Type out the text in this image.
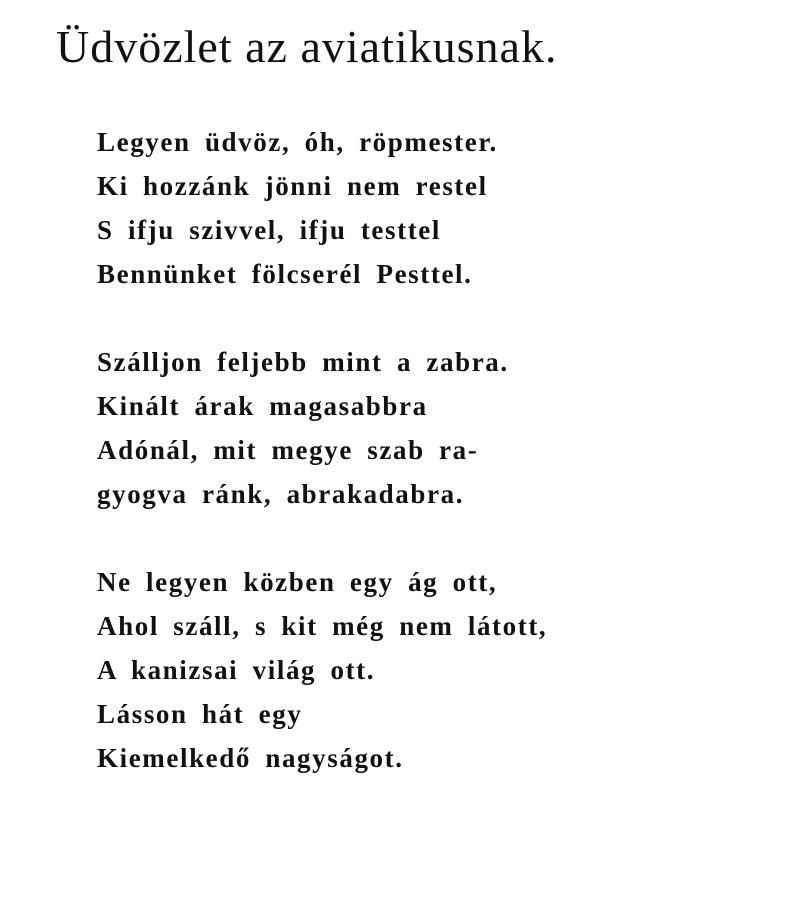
Üdvözlet az aviatikusnak.
Legyen üdvöz, óh, röpmester.
Ki hozzánk jönni nem restel
S ifju szivvel, ifju testtel
Bennünket fölcserél Pesttel.
Szálljon feljebb mint a zabra.
Kinált árak magasabbra
Adónál, mit megye szab ra-
gyogva ránk, abrakadabra.
Ne legyen közben egy ág ott,
Ahol száll, s kit még nem látott,
A kanizsai világ ott.
Lásson hát egy
Kiemelkedő nagyságot.
